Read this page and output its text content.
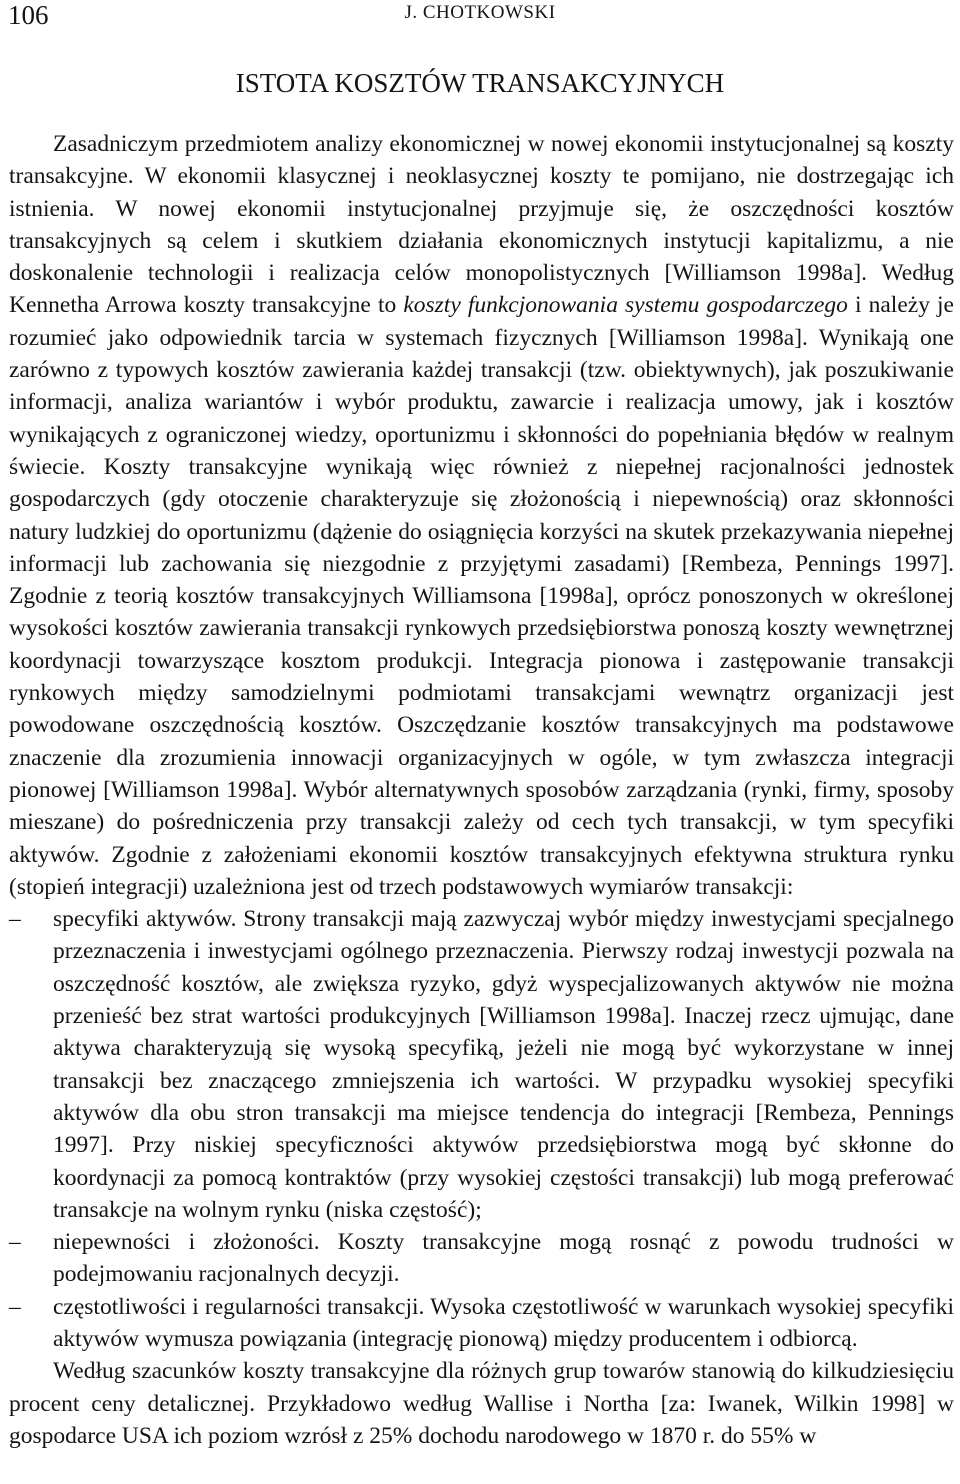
106	J. CHOTKOWSKI
ISTOTA KOSZTÓW TRANSAKCYJNYCH

Zasadniczym przedmiotem analizy ekonomicznej w nowej ekonomii instytucjonalnej są koszty transakcyjne. W ekonomii klasycznej i neoklasycznej koszty te pomijano, nie dostrzegając ich istnienia. W nowej ekonomii instytucjonalnej przyjmuje się, że oszczędności kosztów transakcyjnych są celem i skutkiem działania ekonomicznych instytucji kapitalizmu, a nie doskonalenie technologii i realizacja celów monopolistycznych [Williamson 1998a]. Według Kennetha Arrowa koszty transakcyjne to koszty funkcjonowania systemu gospodarczego i należy je rozumieć jako odpowiednik tarcia w systemach fizycznych [Williamson 1998a]. Wynikają one zarówno z typowych kosztów zawierania każdej transakcji (tzw. obiektywnych), jak poszukiwanie informacji, analiza wariantów i wybór produktu, zawarcie i realizacja umowy, jak i kosztów wynikających z ograniczonej wiedzy, oportunizmu i skłonności do popełniania błędów w realnym świecie. Koszty transakcyjne wynikają więc również z niepełnej racjonalności jednostek gospodarczych (gdy otoczenie charakteryzuje się złożonością i niepewnością) oraz skłonności natury ludzkiej do oportunizmu (dążenie do osiągnięcia korzyści na skutek przekazywania niepełnej informacji lub zachowania się niezgodnie z przyjętymi zasadami) [Rembeza, Pennings 1997]. Zgodnie z teorią kosztów transakcyjnych Williamsona [1998a], oprócz ponoszonych w określonej wysokości kosztów zawierania transakcji rynkowych przedsiębiorstwa ponoszą koszty wewnętrznej koordynacji towarzyszące kosztom produkcji. Integracja pionowa i zastępowanie transakcji rynkowych między samodzielnymi podmiotami transakcjami wewnątrz organizacji jest powodowane oszczędnością kosztów. Oszczędzanie kosztów transakcyjnych ma podstawowe znaczenie dla zrozumienia innowacji organizacyjnych w ogóle, w tym zwłaszcza integracji pionowej [Williamson 1998a]. Wybór alternatywnych sposobów zarządzania (rynki, firmy, sposoby mieszane) do pośredniczenia przy transakcji zależy od cech tych transakcji, w tym specyfiki aktywów. Zgodnie z założeniami ekonomii kosztów transakcyjnych efektywna struktura rynku (stopień integracji) uzależniona jest od trzech podstawowych wymiarów transakcji:

– specyfiki aktywów. Strony transakcji mają zazwyczaj wybór między inwestycjami specjalnego przeznaczenia i inwestycjami ogólnego przeznaczenia. Pierwszy rodzaj inwestycji pozwala na oszczędność kosztów, ale zwiększa ryzyko, gdyż wyspecjalizowanych aktywów nie można przenieść bez strat wartości produkcyjnych [Williamson 1998a]. Inaczej rzecz ujmując, dane aktywa charakteryzują się wysoką specyfiką, jeżeli nie mogą być wykorzystane w innej transakcji bez znaczącego zmniejszenia ich wartości. W przypadku wysokiej specyfiki aktywów dla obu stron transakcji ma miejsce tendencja do integracji [Rembeza, Pennings 1997]. Przy niskiej specyficzności aktywów przedsiębiorstwa mogą być skłonne do koordynacji za pomocą kontraktów (przy wysokiej częstości transakcji) lub mogą preferować transakcje na wolnym rynku (niska częstość);
– niepewności i złożoności. Koszty transakcyjne mogą rosnąć z powodu trudności w podejmowaniu racjonalnych decyzji.
– częstotliwości i regularności transakcji. Wysoka częstotliwość w warunkach wysokiej specyfiki aktywów wymusza powiązania (integrację pionową) między producentem i odbiorcą.

Według szacunków koszty transakcyjne dla różnych grup towarów stanowią do kilkudziesięciu procent ceny detalicznej. Przykładowo według Wallise i Northa [za: Iwanek, Wilkin 1998] w gospodarce USA ich poziom wzrósł z 25% dochodu narodowego w 1870 r. do 55% w
